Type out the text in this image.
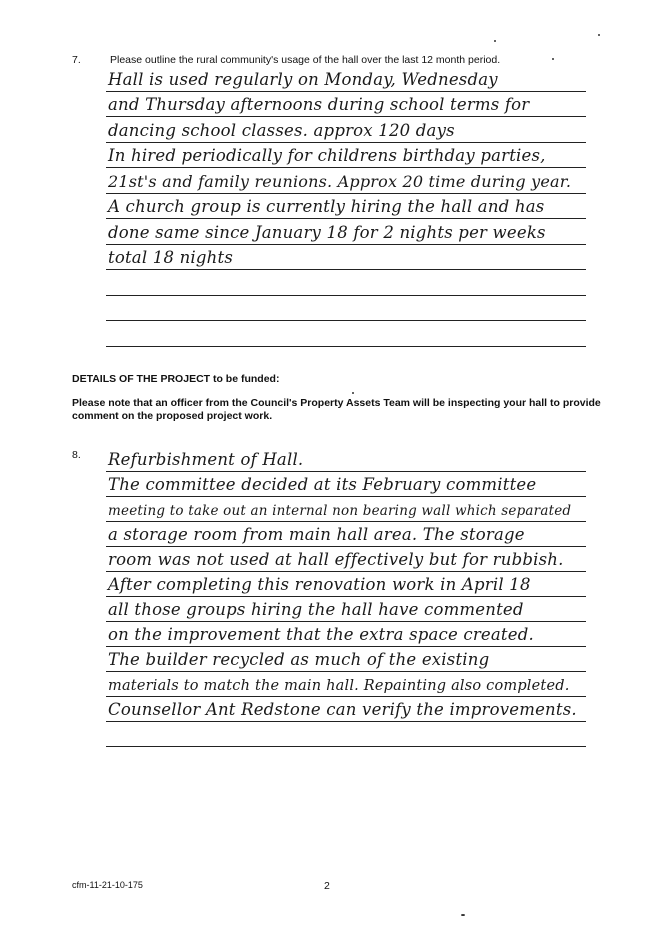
7.	Please outline the rural community's usage of the hall over the last 12 month period.
Hall is used regularly on Monday, Wednesday
and Thursday afternoons during school terms for
dancing school classes. approx 120 days
In hired periodically for childrens birthday parties,
21st's and family reunions. Approx 20 time during year.
A church group is currently hiring the hall and has
done same since January 18 for 2 nights per weeks
total 18 nights
DETAILS OF THE PROJECT to be funded:
Please note that an officer from the Council's Property Assets Team will be inspecting your hall to provide comment on the proposed project work.
8. Refurbishment of Hall.
The committee decided at its February committee
meeting to take out an internal non bearing wall which separated
a storage room from main hall area. The storage
room was not used at hall effectively but for rubbish.
After completing this renovation work in April 18
all those groups hiring the hall have commented
on the improvement that the extra space created.
The builder recycled as much of the existing
materials to match the main hall. Repainting also completed.
Counsellor Ant Redstone can verify the improvements.
cfm-11-21-10-175	2
